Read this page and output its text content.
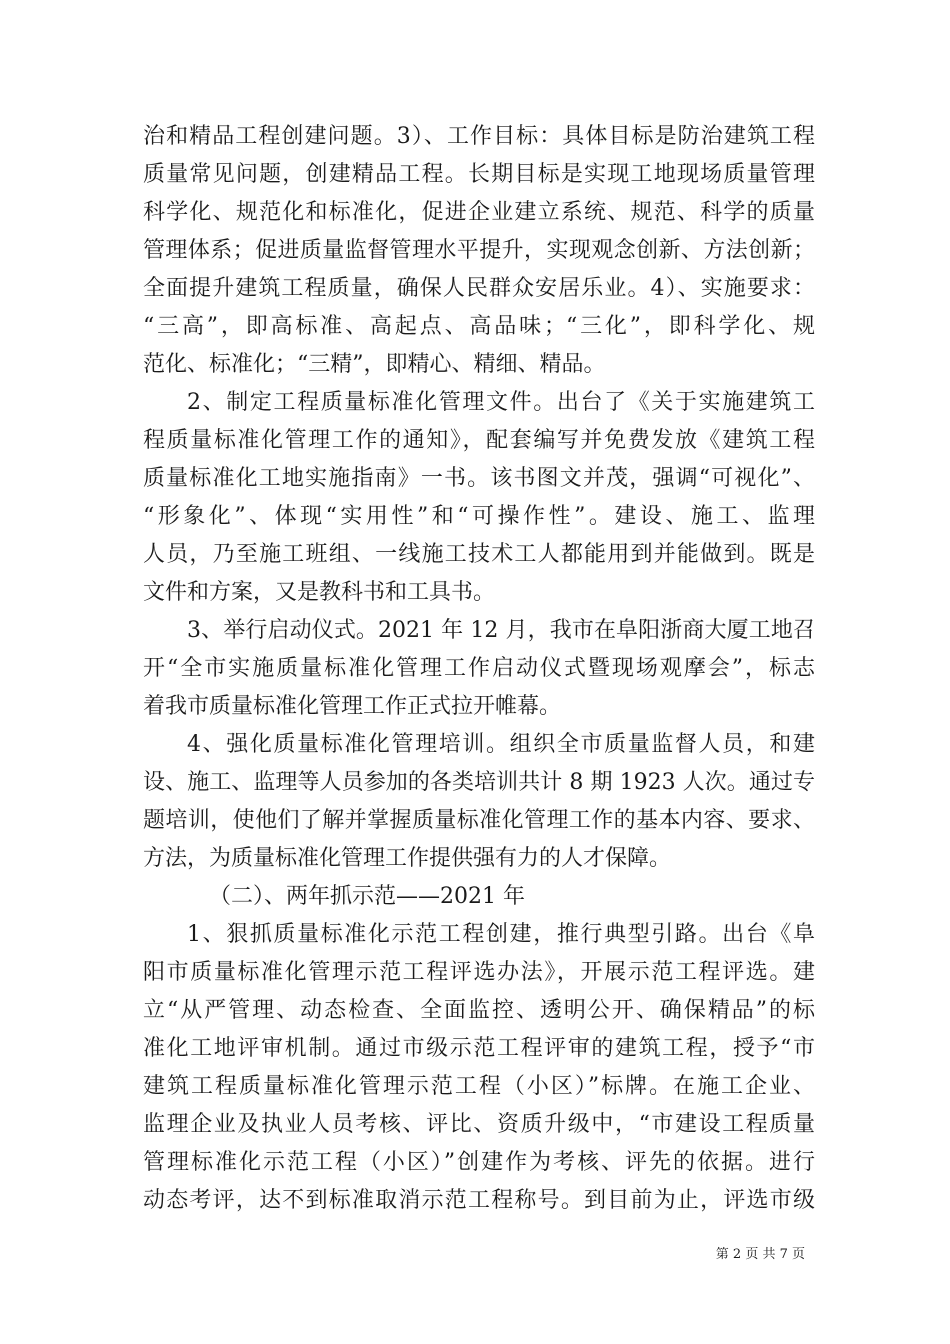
治和精品工程创建问题。3）、工作目标：具体目标是防治建筑工程
质量常见问题，创建精品工程。长期目标是实现工地现场质量管理
科学化、规范化和标准化，促进企业建立系统、规范、科学的质量
管理体系；促进质量监督管理水平提升，实现观念创新、方法创新；
全面提升建筑工程质量，确保人民群众安居乐业。4）、实施要求：
“三高”，即高标准、高起点、高品味；“三化”，即科学化、规
范化、标准化；“三精”，即精心、精细、精品。
2、制定工程质量标准化管理文件。出台了《关于实施建筑工
程质量标准化管理工作的通知》，配套编写并免费发放《建筑工程
质量标准化工地实施指南》一书。该书图文并茂，强调“可视化”、
“形象化”、体现“实用性”和“可操作性”。建设、施工、监理
人员，乃至施工班组、一线施工技术工人都能用到并能做到。既是
文件和方案，又是教科书和工具书。
3、举行启动仪式。2021 年 12 月，我市在阜阳浙商大厦工地召
开“全市实施质量标准化管理工作启动仪式暨现场观摩会”，标志
着我市质量标准化管理工作正式拉开帷幕。
4、强化质量标准化管理培训。组织全市质量监督人员，和建
设、施工、监理等人员参加的各类培训共计 8 期 1923 人次。通过专
题培训，使他们了解并掌握质量标准化管理工作的基本内容、要求、
方法，为质量标准化管理工作提供强有力的人才保障。
（二）、两年抓示范——2021 年
1、狠抓质量标准化示范工程创建，推行典型引路。出台《阜
阳市质量标准化管理示范工程评选办法》，开展示范工程评选。建
立“从严管理、动态检查、全面监控、透明公开、确保精品”的标
准化工地评审机制。通过市级示范工程评审的建筑工程，授予“市
建筑工程质量标准化管理示范工程（小区）”标牌。在施工企业、
监理企业及执业人员考核、评比、资质升级中，“市建设工程质量
管理标准化示范工程（小区）”创建作为考核、评先的依据。进行
动态考评，达不到标准取消示范工程称号。到目前为止，评选市级
第 2 页 共 7 页
